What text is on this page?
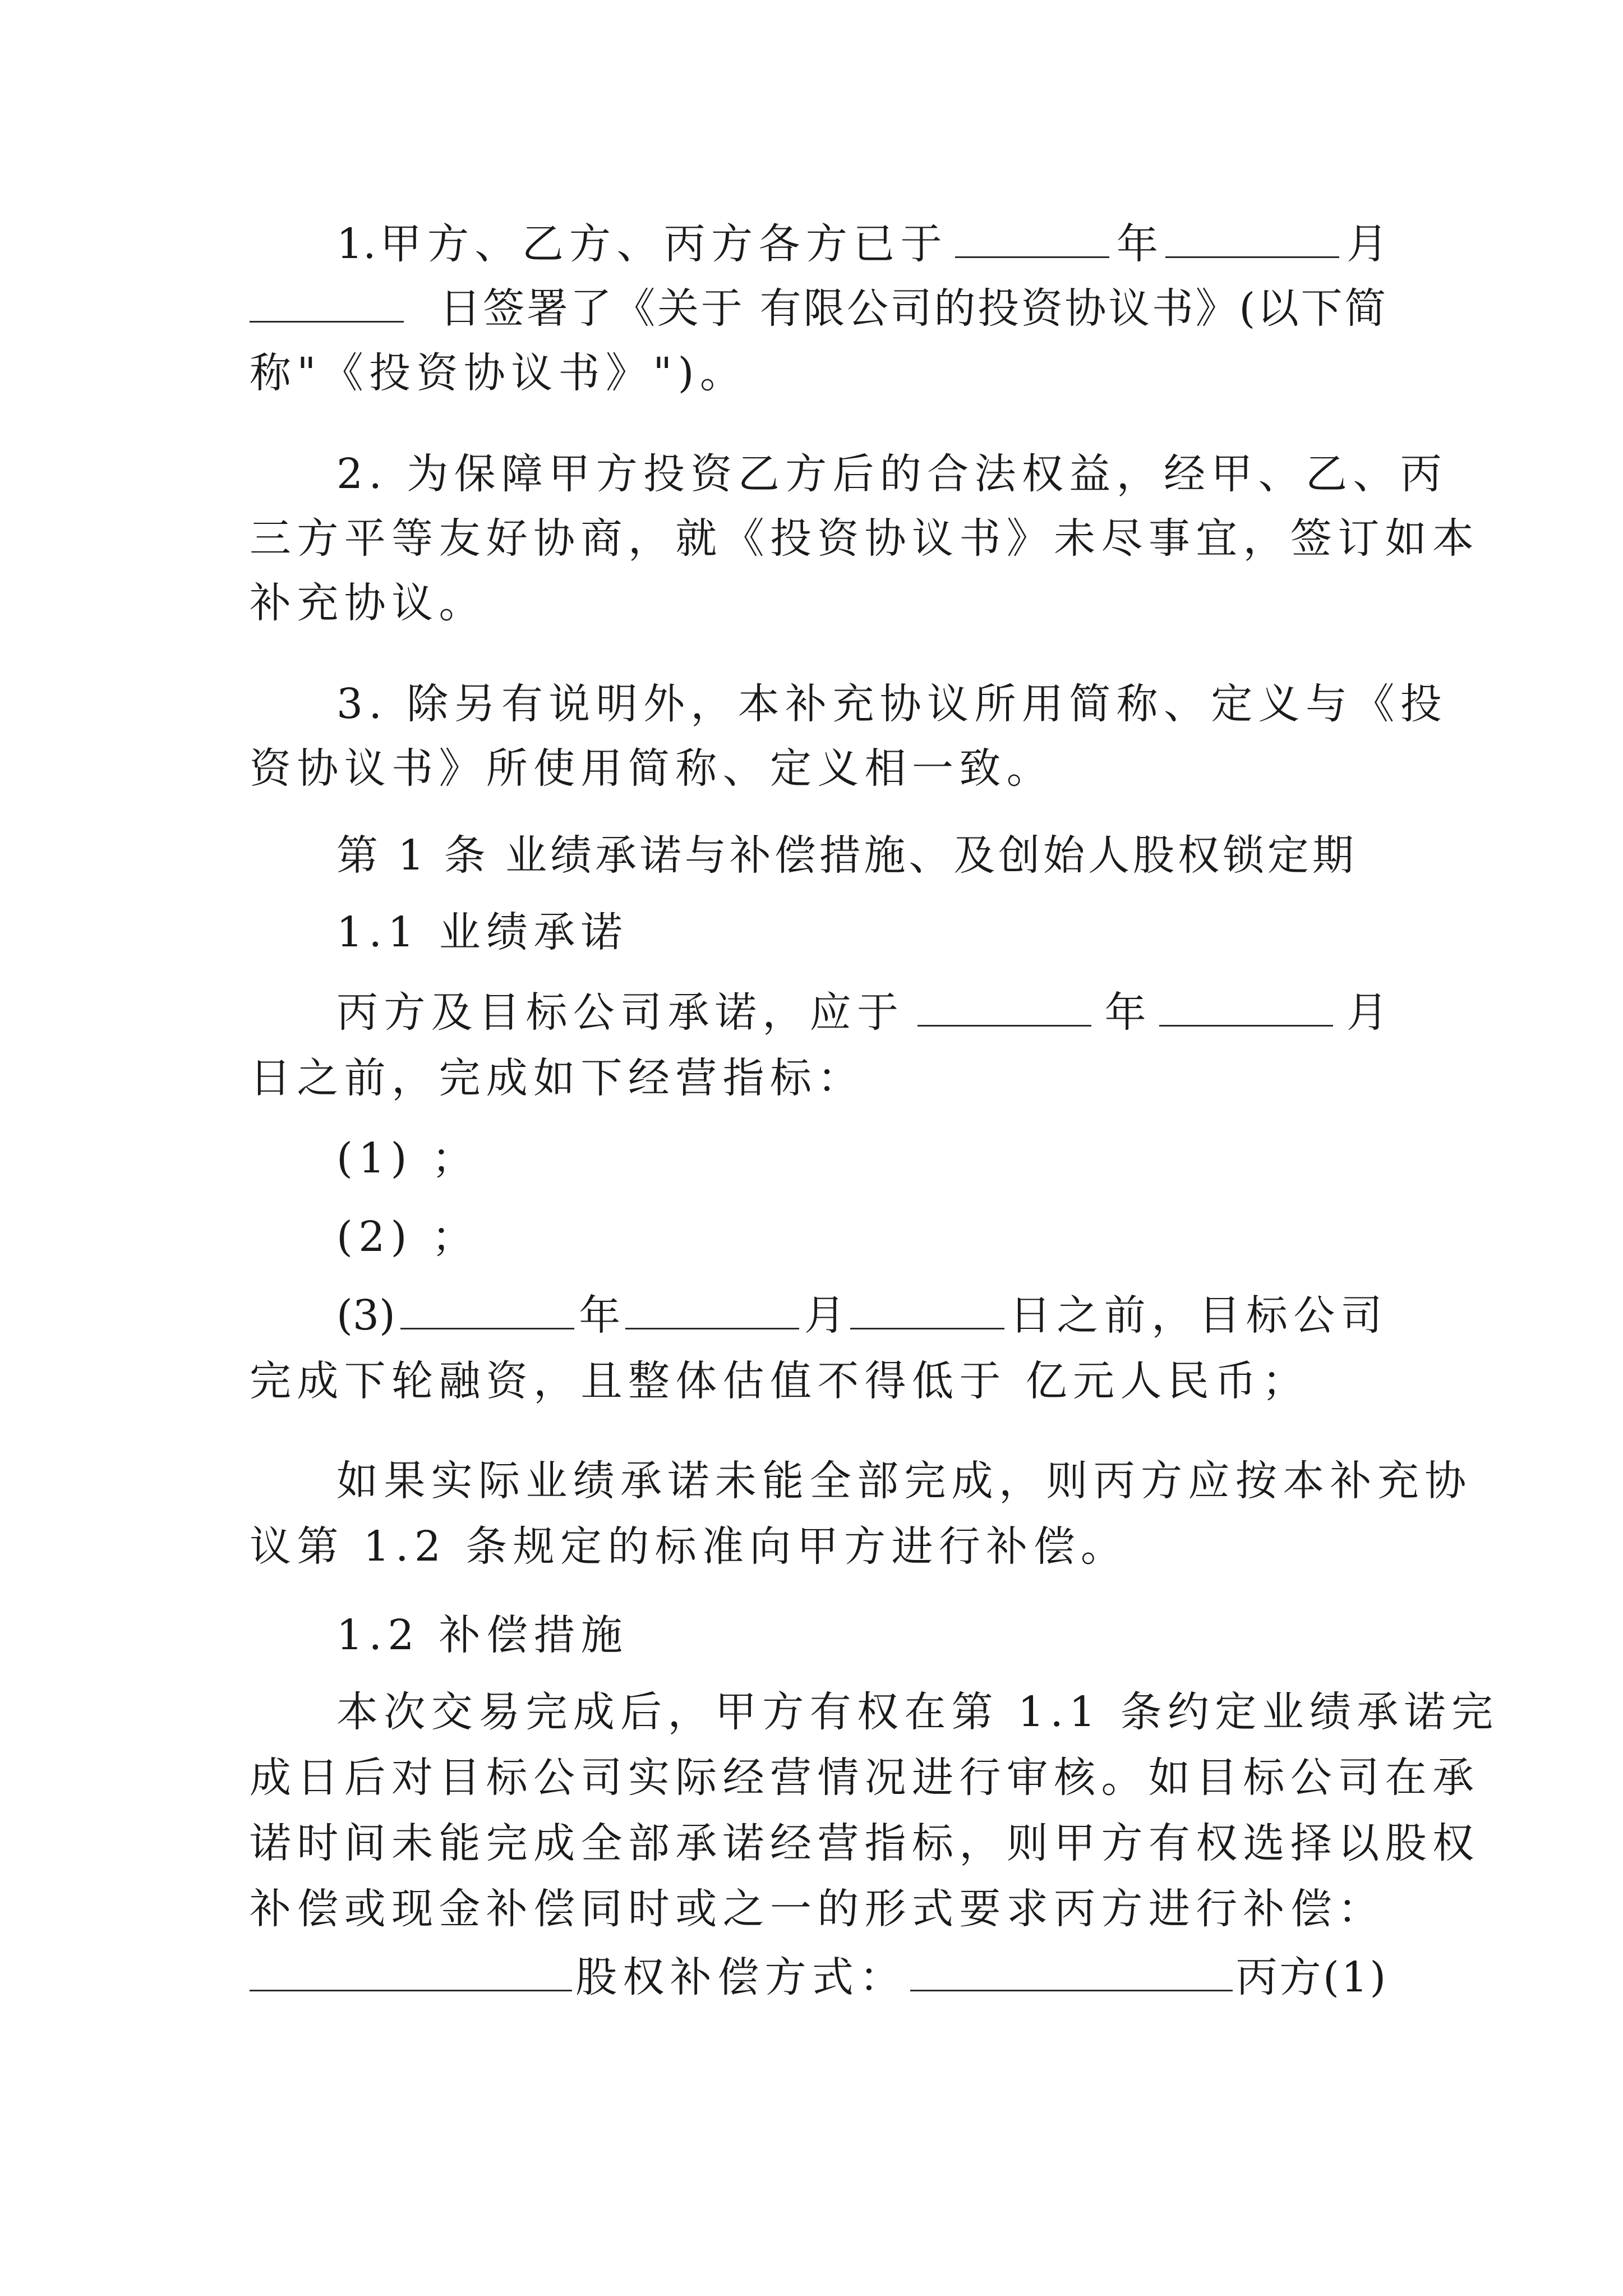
1. 甲方、乙方、丙方各方已于	年	月
日签署了《关于 有限公司的投资协议书》(以下简
称"《投资协议书》")。
2. 为保障甲方投资乙方后的合法权益，经甲、乙、丙
三方平等友好协商，就《投资协议书》未尽事宜，签订如本
补充协议。
3. 除另有说明外，本补充协议所用简称、定义与《投
资协议书》所使用简称、定义相一致。
第 1 条 业绩承诺与补偿措施、及创始人股权锁定期
1.1 业绩承诺
丙方及目标公司承诺，应于	年	月
日之前，完成如下经营指标：
(1) ；
(2) ；
(3)	年	月	日之前，目标公司
完成下轮融资，且整体估值不得低于 亿元人民币；
如果实际业绩承诺未能全部完成，则丙方应按本补充协
议第 1.2 条规定的标准向甲方进行补偿。
1.2 补偿措施
本次交易完成后，甲方有权在第 1.1 条约定业绩承诺完
成日后对目标公司实际经营情况进行审核。如目标公司在承
诺时间未能完成全部承诺经营指标，则甲方有权选择以股权
补偿或现金补偿同时或之一的形式要求丙方进行补偿：
股权补偿方式：	丙方(1)
